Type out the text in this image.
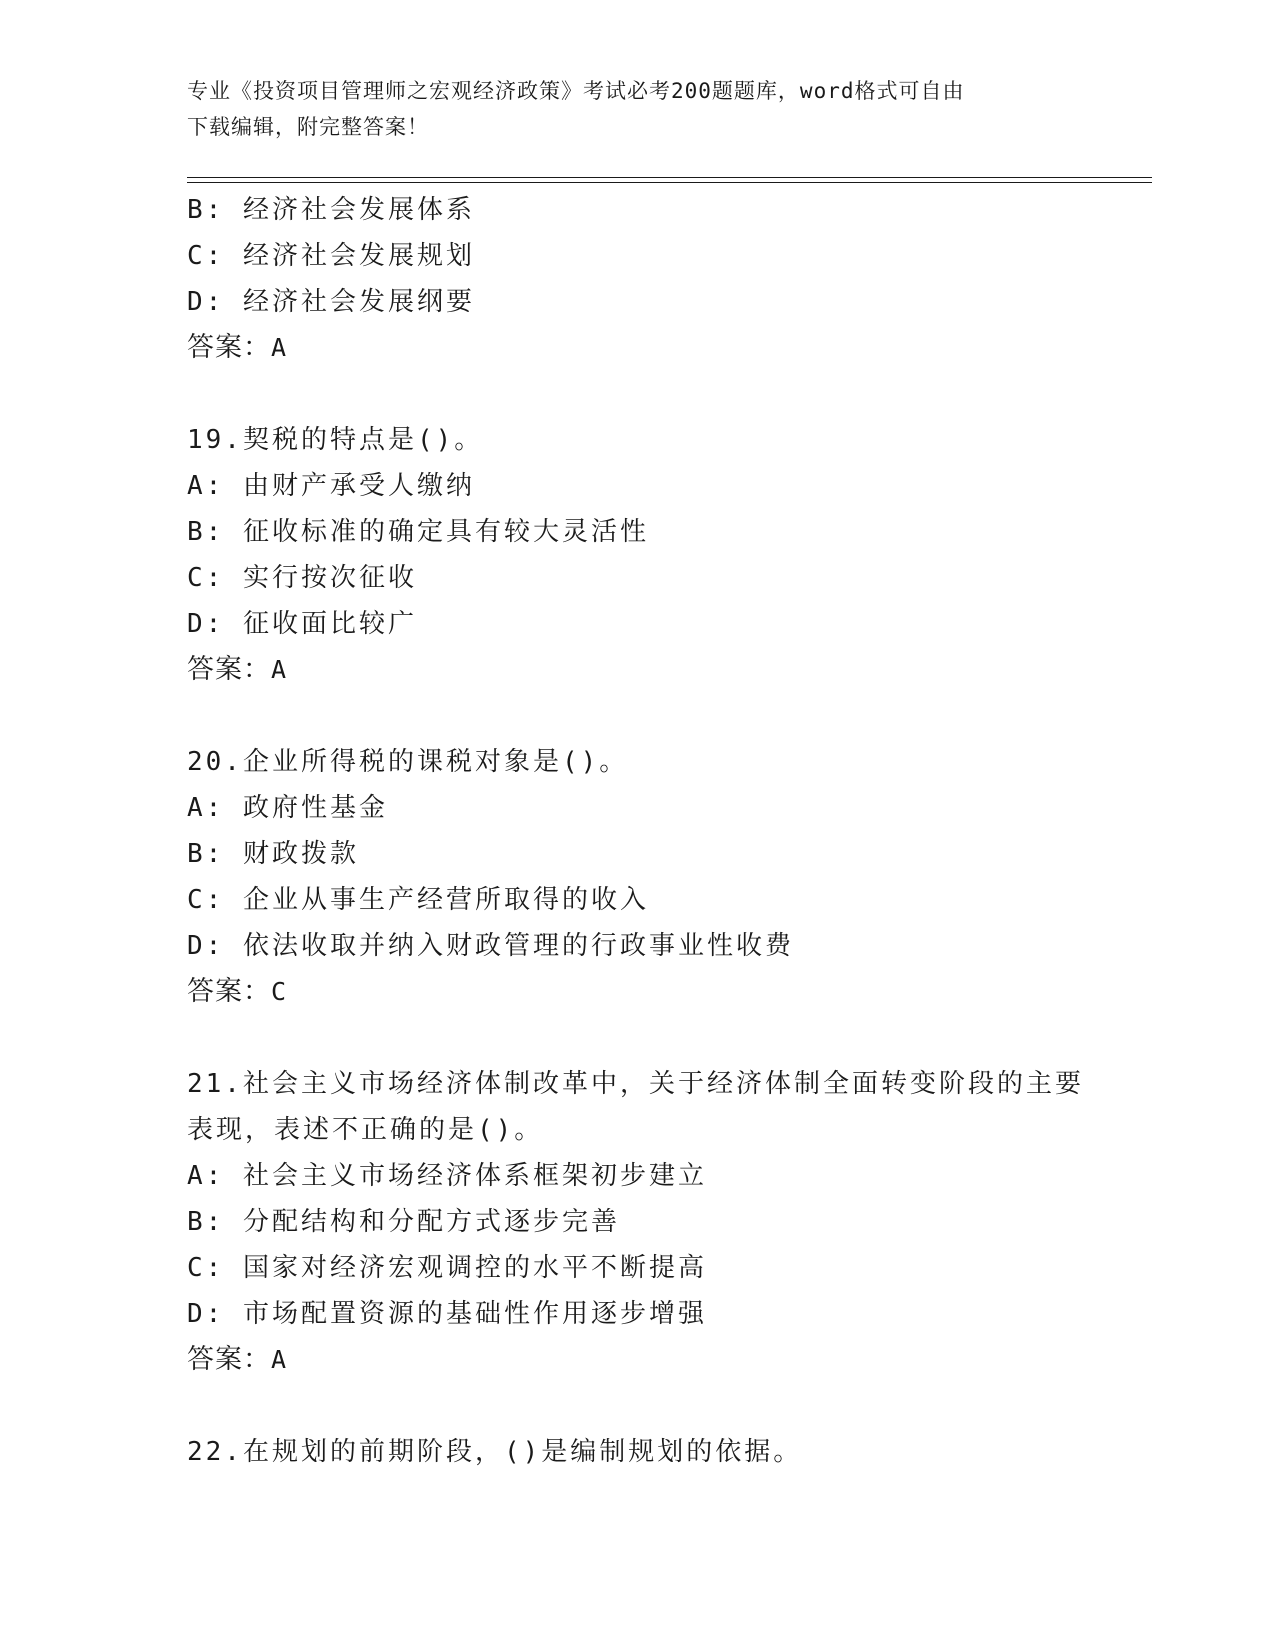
专业《投资项目管理师之宏观经济政策》考试必考200题题库，word格式可自由
下载编辑，附完整答案！
B: 经济社会发展体系
C: 经济社会发展规划
D: 经济社会发展纲要
答案：A
19.契税的特点是()。
A: 由财产承受人缴纳
B: 征收标准的确定具有较大灵活性
C: 实行按次征收
D: 征收面比较广
答案：A
20.企业所得税的课税对象是()。
A: 政府性基金
B: 财政拨款
C: 企业从事生产经营所取得的收入
D: 依法收取并纳入财政管理的行政事业性收费
答案：C
21.社会主义市场经济体制改革中，关于经济体制全面转变阶段的主要
表现，表述不正确的是()。
A: 社会主义市场经济体系框架初步建立
B: 分配结构和分配方式逐步完善
C: 国家对经济宏观调控的水平不断提高
D: 市场配置资源的基础性作用逐步增强
答案：A
22.在规划的前期阶段，()是编制规划的依据。
